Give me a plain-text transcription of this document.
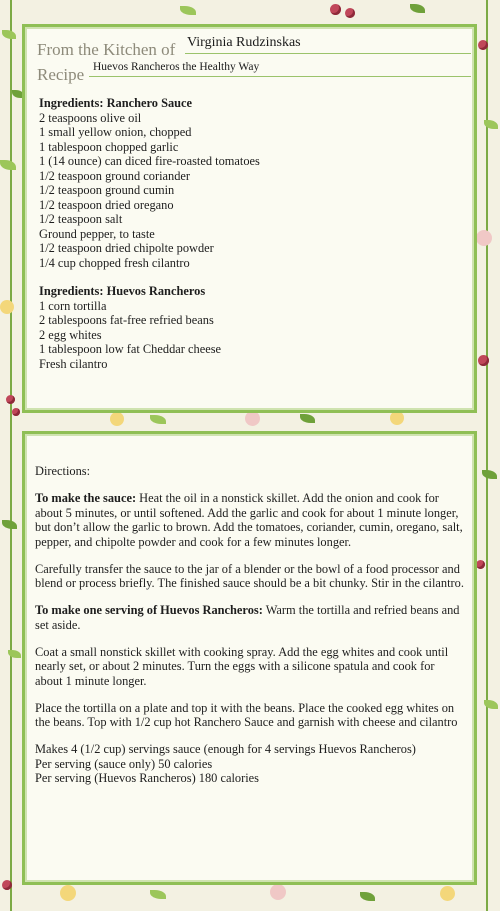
From the Kitchen of Virginia Rudzinskas
Recipe Huevos Rancheros the Healthy Way
Ingredients: Ranchero Sauce
2 teaspoons olive oil
1 small yellow onion, chopped
1 tablespoon chopped garlic
1 (14 ounce) can diced fire-roasted tomatoes
1/2 teaspoon ground coriander
1/2 teaspoon ground cumin
1/2 teaspoon dried oregano
1/2 teaspoon salt
Ground pepper, to taste
1/2 teaspoon dried chipolte powder
1/4 cup chopped fresh cilantro
Ingredients: Huevos Rancheros
1 corn tortilla
2 tablespoons fat-free refried beans
2 egg whites
1 tablespoon low fat Cheddar cheese
Fresh cilantro

Directions:

To make the sauce: Heat the oil in a nonstick skillet. Add the onion and cook for about 5 minutes, or until softened. Add the garlic and cook for about 1 minute longer, but don’t allow the garlic to brown. Add the tomatoes, coriander, cumin, oregano, salt, pepper, and chipolte powder and cook for a few minutes longer.

Carefully transfer the sauce to the jar of a blender or the bowl of a food processor and blend or process briefly. The finished sauce should be a bit chunky. Stir in the cilantro.

To make one serving of Huevos Rancheros: Warm the tortilla and refried beans and set aside.

Coat a small nonstick skillet with cooking spray. Add the egg whites and cook until nearly set, or about 2 minutes. Turn the eggs with a silicone spatula and cook for about 1 minute longer.

Place the tortilla on a plate and top it with the beans. Place the cooked egg whites on the beans. Top with 1/2 cup hot Ranchero Sauce and garnish with cheese and cilantro

Makes 4 (1/2 cup) servings sauce (enough for 4 servings Huevos Rancheros)
Per serving (sauce only) 50 calories
Per serving (Huevos Rancheros) 180 calories
